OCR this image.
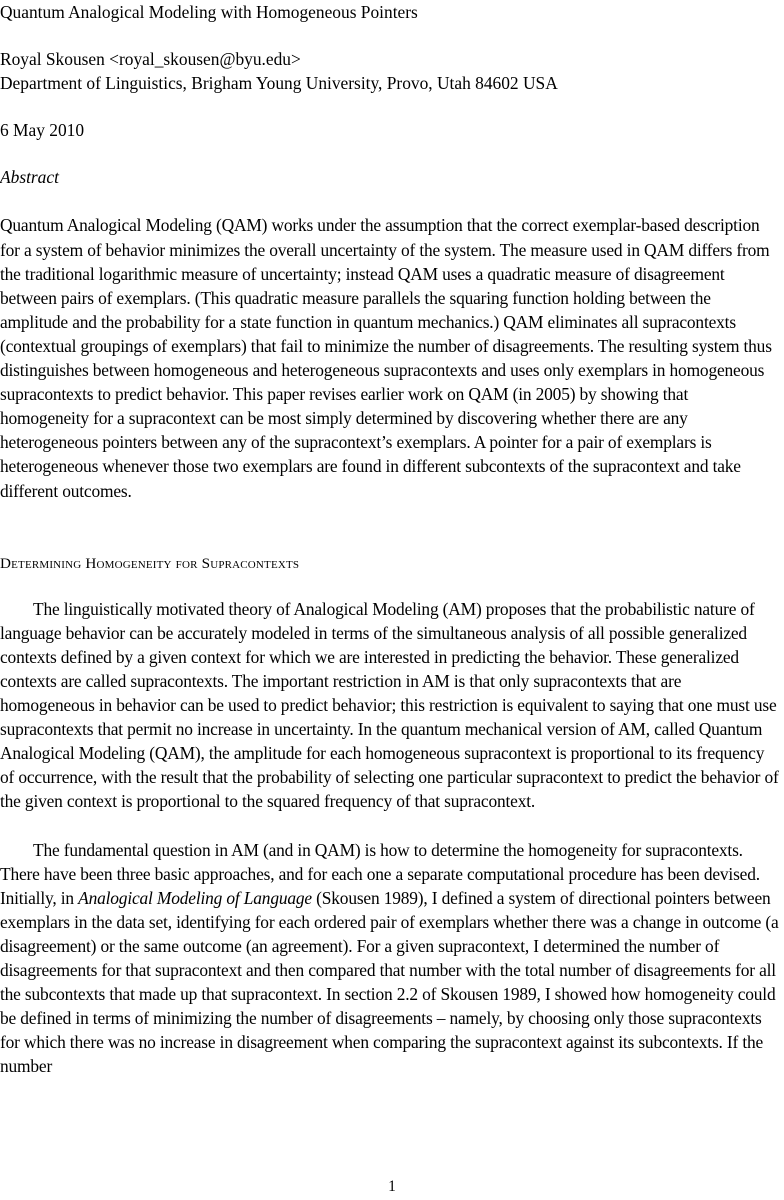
Quantum Analogical Modeling with Homogeneous Pointers
Royal Skousen <royal_skousen@byu.edu>
Department of Linguistics, Brigham Young University, Provo, Utah 84602 USA
6 May 2010
Abstract

Quantum Analogical Modeling (QAM) works under the assumption that the correct exemplar-based description for a system of behavior minimizes the overall uncertainty of the system. The measure used in QAM differs from the traditional logarithmic measure of uncertainty; instead QAM uses a quadratic measure of disagreement between pairs of exemplars. (This quadratic measure parallels the squaring function holding between the amplitude and the probability for a state function in quantum mechanics.) QAM eliminates all supracontexts (contextual groupings of exemplars) that fail to minimize the number of disagreements. The resulting system thus distinguishes between homogeneous and heterogeneous supracontexts and uses only exemplars in homogeneous supracontexts to predict behavior. This paper revises earlier work on QAM (in 2005) by showing that homogeneity for a supracontext can be most simply determined by discovering whether there are any heterogeneous pointers between any of the supracontext’s exemplars. A pointer for a pair of exemplars is heterogeneous whenever those two exemplars are found in different subcontexts of the supracontext and take different outcomes.

Determining Homogeneity for Supracontexts

The linguistically motivated theory of Analogical Modeling (AM) proposes that the probabilistic nature of language behavior can be accurately modeled in terms of the simultaneous analysis of all possible generalized contexts defined by a given context for which we are interested in predicting the behavior. These generalized contexts are called supracontexts. The important restriction in AM is that only supracontexts that are homogeneous in behavior can be used to predict behavior; this restriction is equivalent to saying that one must use supracontexts that permit no increase in uncertainty. In the quantum mechanical version of AM, called Quantum Analogical Modeling (QAM), the amplitude for each homogeneous supracontext is proportional to its frequency of occurrence, with the result that the probability of selecting one particular supracontext to predict the behavior of the given context is proportional to the squared frequency of that supracontext.

The fundamental question in AM (and in QAM) is how to determine the homogeneity for supracontexts. There have been three basic approaches, and for each one a separate computational procedure has been devised. Initially, in Analogical Modeling of Language (Skousen 1989), I defined a system of directional pointers between exemplars in the data set, identifying for each ordered pair of exemplars whether there was a change in outcome (a disagreement) or the same outcome (an agreement). For a given supracontext, I determined the number of disagreements for that supracontext and then compared that number with the total number of disagreements for all the subcontexts that made up that supracontext. In section 2.2 of Skousen 1989, I showed how homogeneity could be defined in terms of minimizing the number of disagreements – namely, by choosing only those supracontexts for which there was no increase in disagreement when comparing the supracontext against its subcontexts. If the number

1
